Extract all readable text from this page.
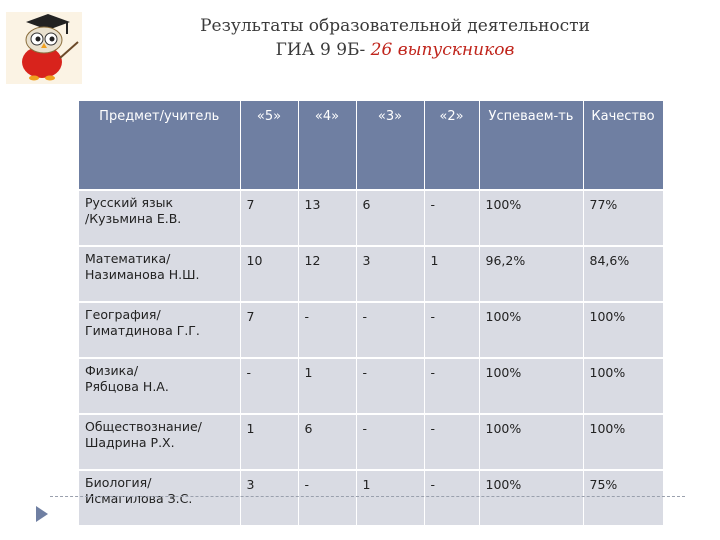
Результаты образовательной деятельности
ГИА 9 9Б- 26 выпускников
Предмет/учитель	«5»	«4»	«3»	«2»	Успеваем-ть	Качество

Русский язык
/Кузьмина Е.В.	7	13	6	-	100%	77%

Математика/
Назиманова Н.Ш.	10	12	3	1	96,2%	84,6%

География/
Гиматдинова Г.Г.	7	-	-	-	100%	100%

Физика/
Рябцова Н.А.	-	1	-	-	100%	100%

Обществознание/
Шадрина Р.Х.	1	6	-	-	100%	100%

Биология/
Исмагилова З.С.	3	-	1	-	100%	75%
